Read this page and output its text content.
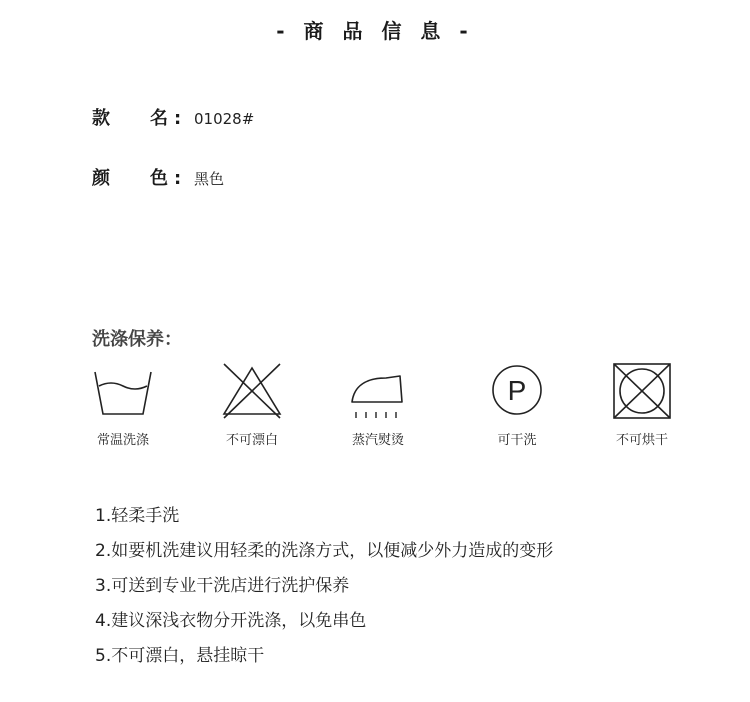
- 商 品 信 息 -
款 名 : 01028#
颜 色 : 黑色
洗涤保养：
常温洗涤	不可漂白	蒸汽熨烫
P
可干洗	不可烘干
1.轻柔手洗
2.如要机洗建议用轻柔的洗涤方式，以便减少外力造成的变形
3.可送到专业干洗店进行洗护保养
4.建议深浅衣物分开洗涤，以免串色
5.不可漂白，悬挂晾干
